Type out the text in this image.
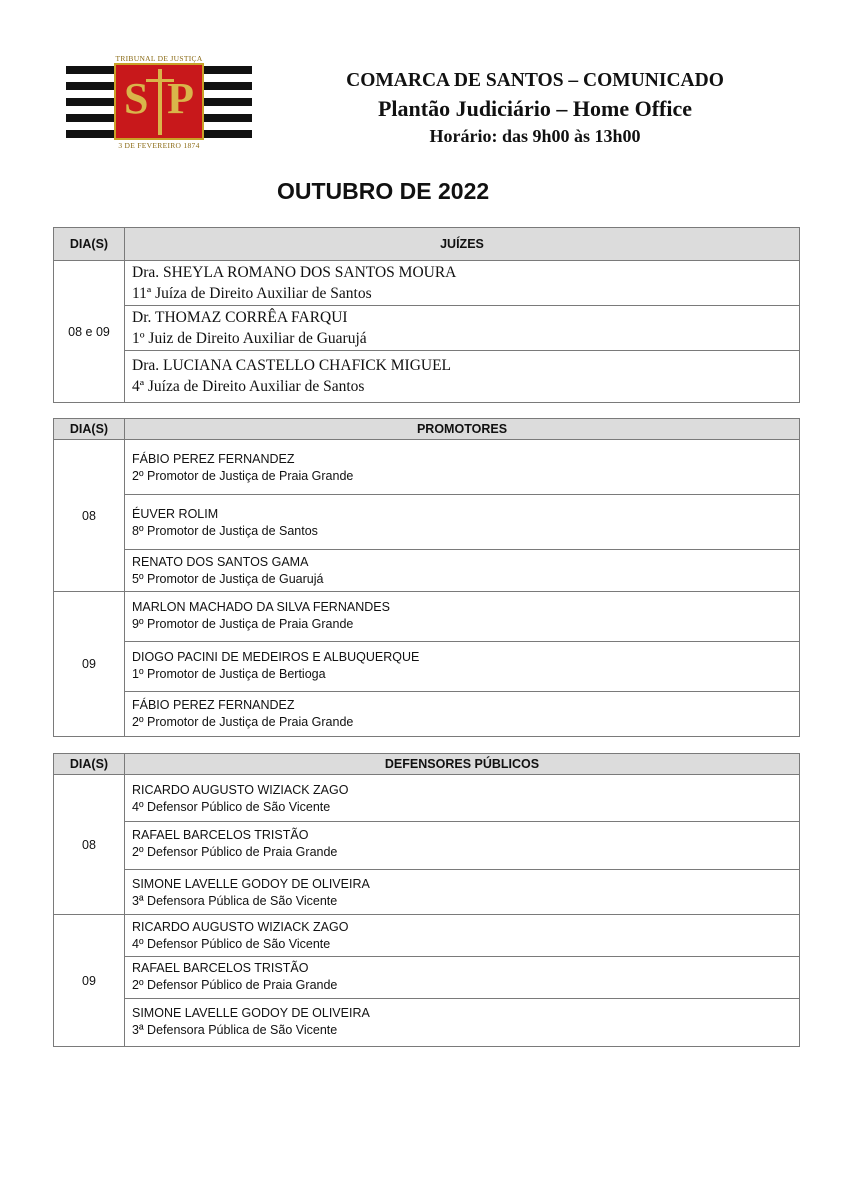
TRIBUNAL DE JUSTIÇA
S P
3 DE FEVEREIRO 1874
COMARCA DE SANTOS – COMUNICADO
Plantão Judiciário – Home Office
Horário: das 9h00 às 13h00
OUTUBRO DE 2022
DIA(S)	JUÍZES
08 e 09	Dra. SHEYLA ROMANO DOS SANTOS MOURA
11ª Juíza de Direito Auxiliar de Santos

	Dr. THOMAZ CORRÊA FARQUI
1º Juiz de Direito Auxiliar de Guarujá

	Dra. LUCIANA CASTELLO CHAFICK MIGUEL
4ª Juíza de Direito Auxiliar de Santos
DIA(S)	PROMOTORES
08	FÁBIO PEREZ FERNANDEZ
2º Promotor de Justiça de Praia Grande

	ÉUVER ROLIM
8º Promotor de Justiça de Santos

	RENATO DOS SANTOS GAMA
5º Promotor de Justiça de Guarujá

09	MARLON MACHADO DA SILVA FERNANDES
9º Promotor de Justiça de Praia Grande

	DIOGO PACINI DE MEDEIROS E ALBUQUERQUE
1º Promotor de Justiça de Bertioga

	FÁBIO PEREZ FERNANDEZ
2º Promotor de Justiça de Praia Grande
DIA(S)	DEFENSORES PÚBLICOS
08	RICARDO AUGUSTO WIZIACK ZAGO
4º Defensor Público de São Vicente

	RAFAEL BARCELOS TRISTÃO
2º Defensor Público de Praia Grande

	SIMONE LAVELLE GODOY DE OLIVEIRA
3ª Defensora Pública de São Vicente

09	RICARDO AUGUSTO WIZIACK ZAGO
4º Defensor Público de São Vicente

	RAFAEL BARCELOS TRISTÃO
2º Defensor Público de Praia Grande

	SIMONE LAVELLE GODOY DE OLIVEIRA
3ª Defensora Pública de São Vicente
